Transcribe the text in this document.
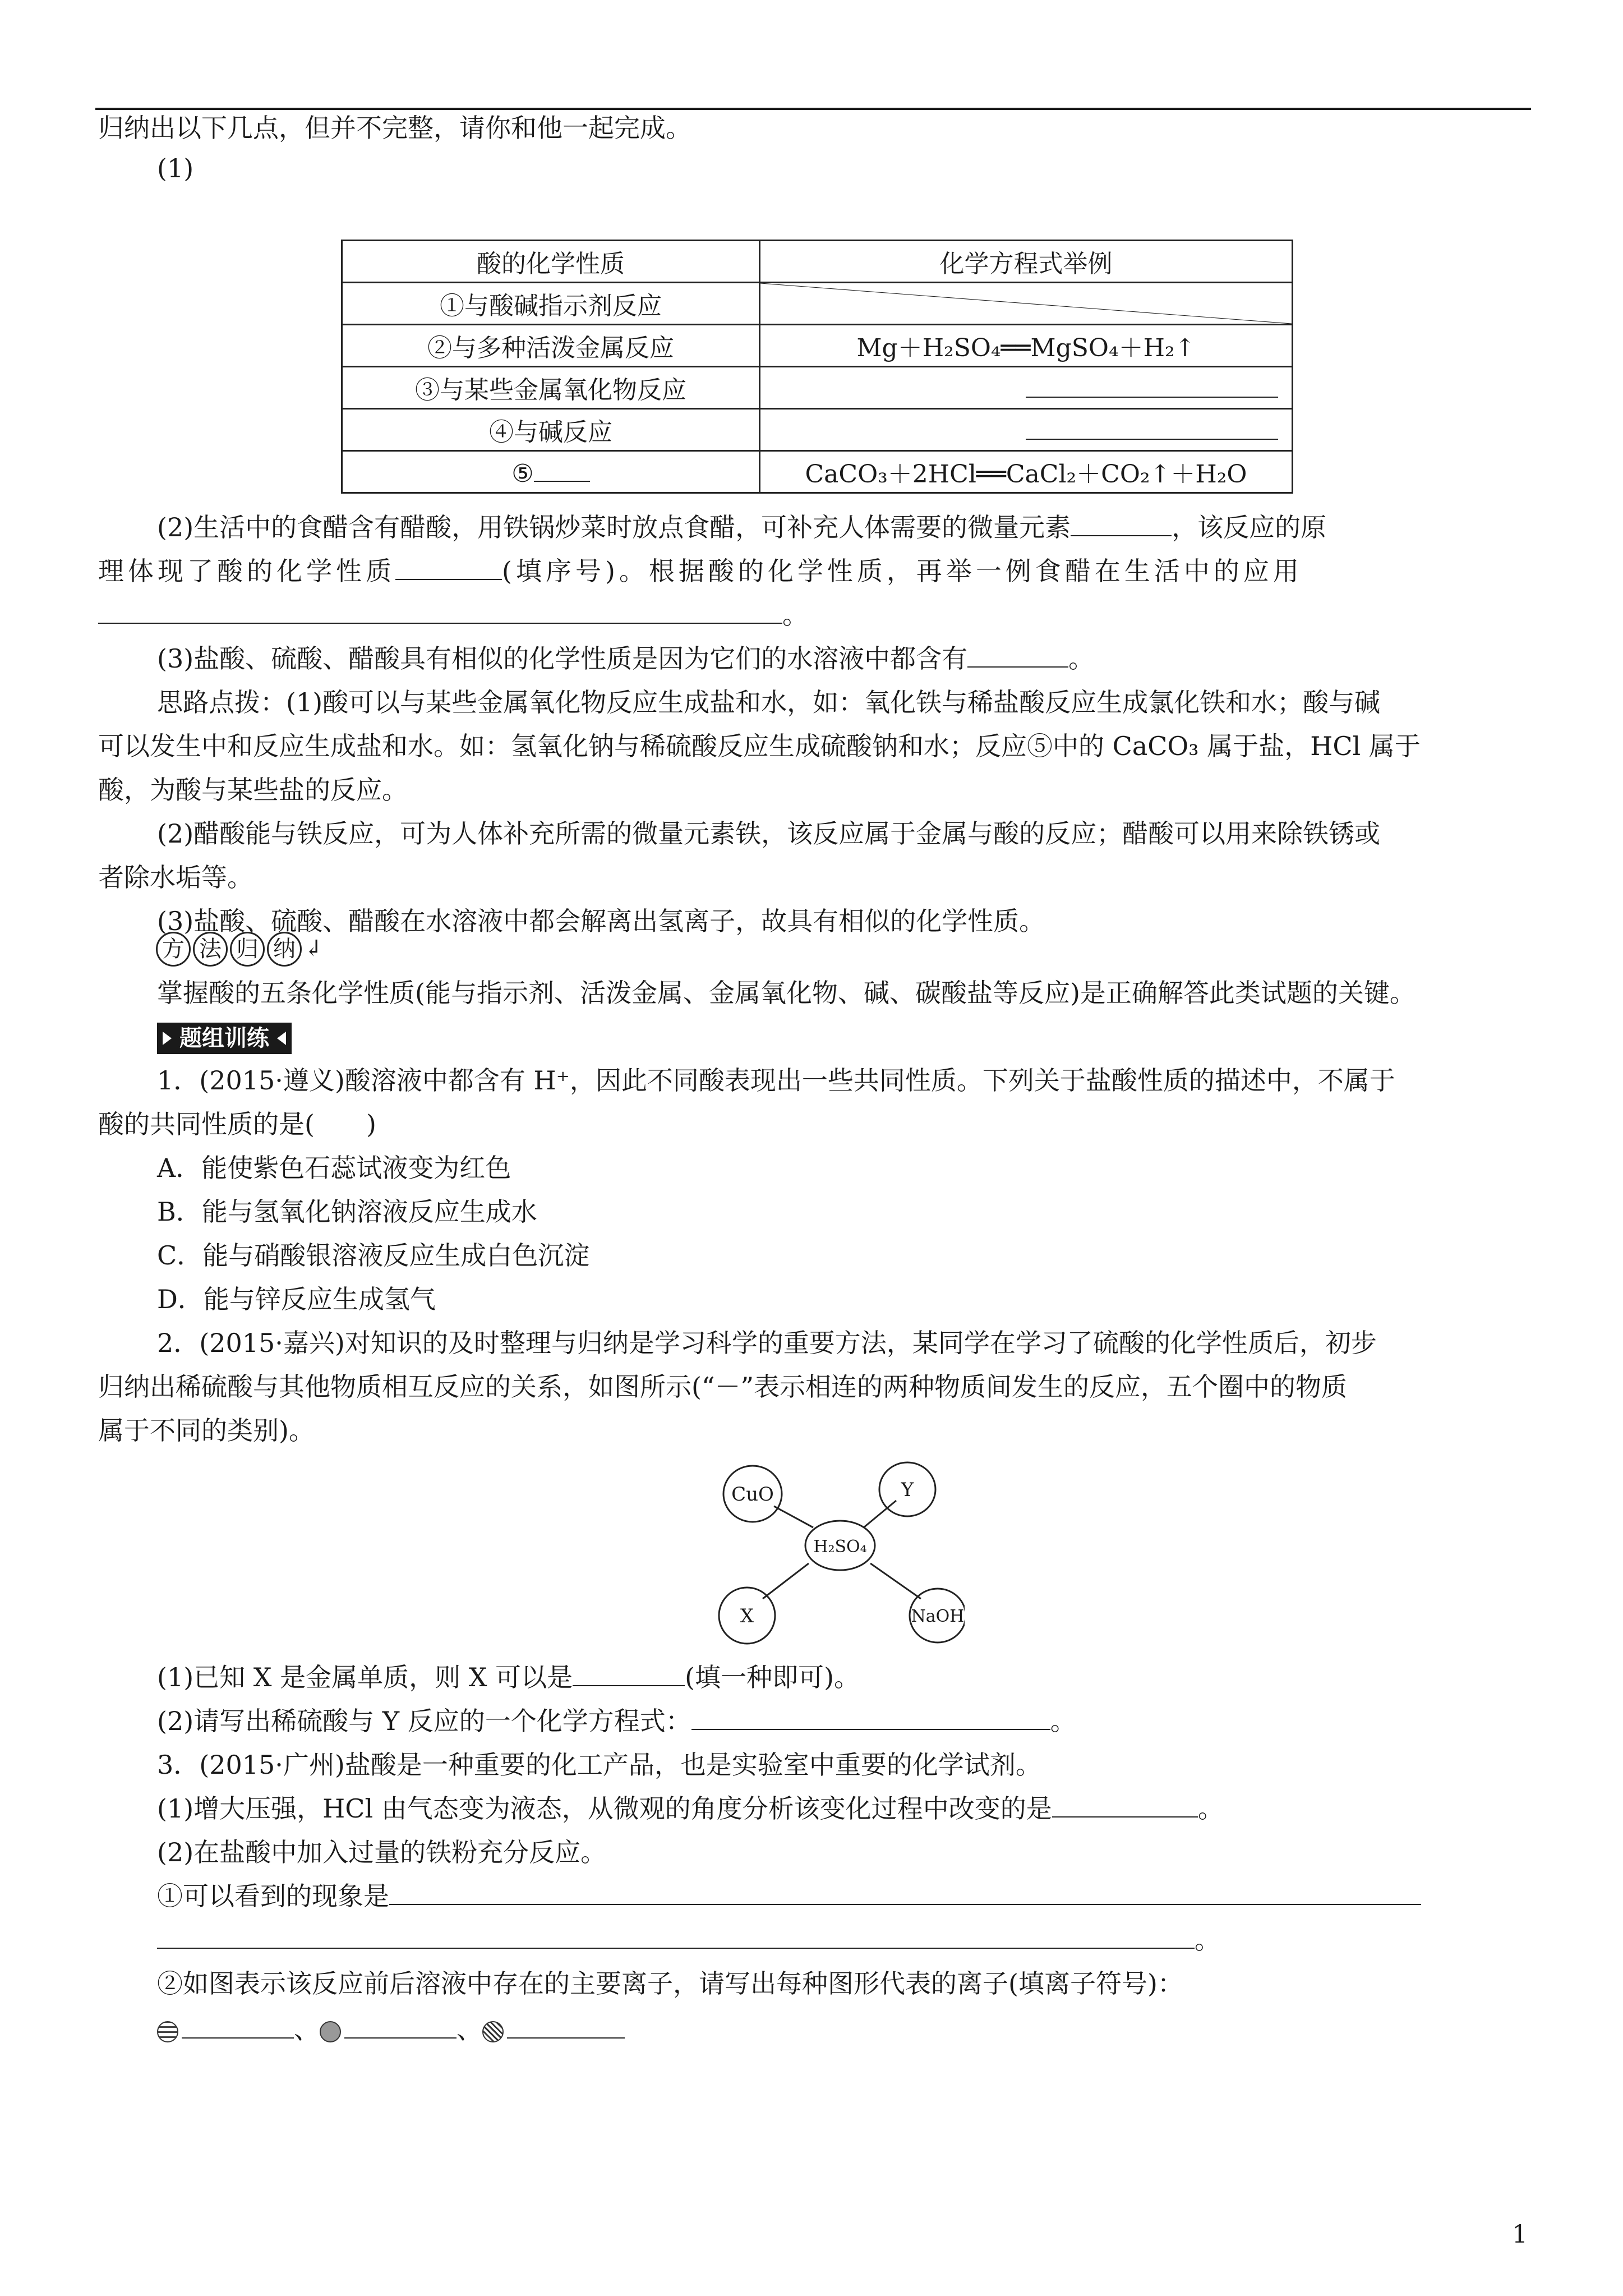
归纳出以下几点，但并不完整，请你和他一起完成。
(1)
酸的化学性质	化学方程式举例
①与酸碱指示剂反应	

②与多种活泼金属反应	Mg＋H₂SO₄══MgSO₄＋H₂↑
③与某些金属氧化物反应	
④与碱反应	
⑤	CaCO₃＋2HCl══CaCl₂＋CO₂↑＋H₂O
(2)生活中的食醋含有醋酸，用铁锅炒菜时放点食醋，可补充人体需要的微量元素	，该反应的原
理体现了酸的化学性质	(填序号)。根据酸的化学性质，再举一例食醋在生活中的应用
。
(3)盐酸、硫酸、醋酸具有相似的化学性质是因为它们的水溶液中都含有	。
思路点拨：(1)酸可以与某些金属氧化物反应生成盐和水，如：氧化铁与稀盐酸反应生成氯化铁和水；酸与碱
可以发生中和反应生成盐和水。如：氢氧化钠与稀硫酸反应生成硫酸钠和水；反应⑤中的 CaCO₃ 属于盐，HCl 属于
酸，为酸与某些盐的反应。
(2)醋酸能与铁反应，可为人体补充所需的微量元素铁，该反应属于金属与酸的反应；醋酸可以用来除铁锈或
者除水垢等。
(3)盐酸、硫酸、醋酸在水溶液中都会解离出氢离子，故具有相似的化学性质。
方 法 归 纳 ↲
掌握酸的五条化学性质(能与指示剂、活泼金属、金属氧化物、碱、碳酸盐等反应)是正确解答此类试题的关键。
题组训练
1．(2015·遵义)酸溶液中都含有 H⁺，因此不同酸表现出一些共同性质。下列关于盐酸性质的描述中，不属于
酸的共同性质的是(　　)
A．能使紫色石蕊试液变为红色
B．能与氢氧化钠溶液反应生成水
C．能与硝酸银溶液反应生成白色沉淀
D．能与锌反应生成氢气
2．(2015·嘉兴)对知识的及时整理与归纳是学习科学的重要方法，某同学在学习了硫酸的化学性质后，初步
归纳出稀硫酸与其他物质相互反应的关系，如图所示(“－”表示相连的两种物质间发生的反应，五个圈中的物质
属于不同的类别)。
CuO	Y
H₂SO₄
X	NaOH
(1)已知 X 是金属单质，则 X 可以是	(填一种即可)。
(2)请写出稀硫酸与 Y 反应的一个化学方程式：	。
3．(2015·广州)盐酸是一种重要的化工产品，也是实验室中重要的化学试剂。
(1)增大压强，HCl 由气态变为液态，从微观的角度分析该变化过程中改变的是	。
(2)在盐酸中加入过量的铁粉充分反应。
①可以看到的现象是
。
②如图表示该反应前后溶液中存在的主要离子，请写出每种图形代表的离子(填离子符号)：
、	、
1
